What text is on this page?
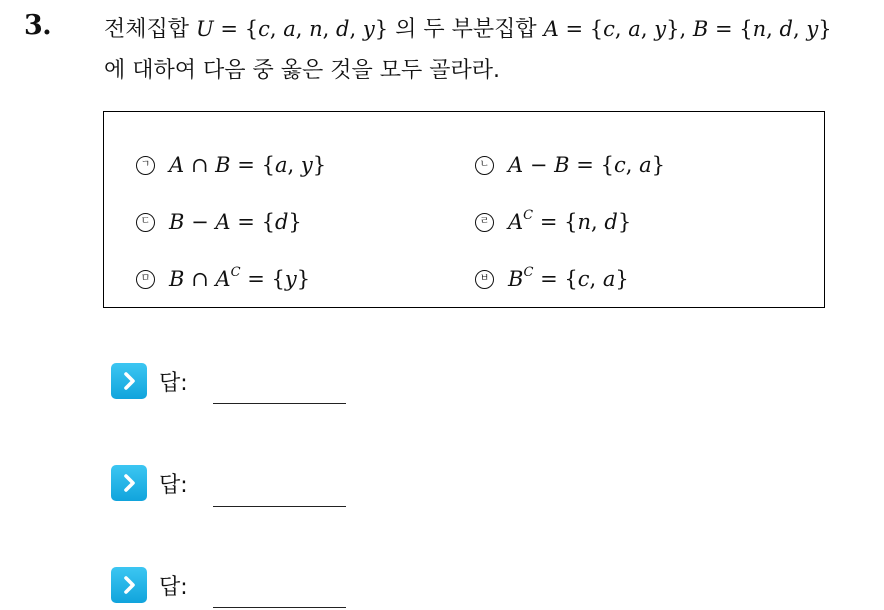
3. 전체집합 U = {c, a, n, d, y} 의 두 부분집합 A = {c, a, y}, B = {n, d, y}
에 대하여 다음 중 옳은 것을 모두 골라라.
ㄱ A ∩ B = {a, y}	ㄴ A − B = {c, a}
ㄷ B − A = {d}	ㄹ $A^C = \{n$, d}
ㅁ B ∩ $A^C = \{y\}$	ㅂ $B^C = \{c$, a}
답:
답:
답:
